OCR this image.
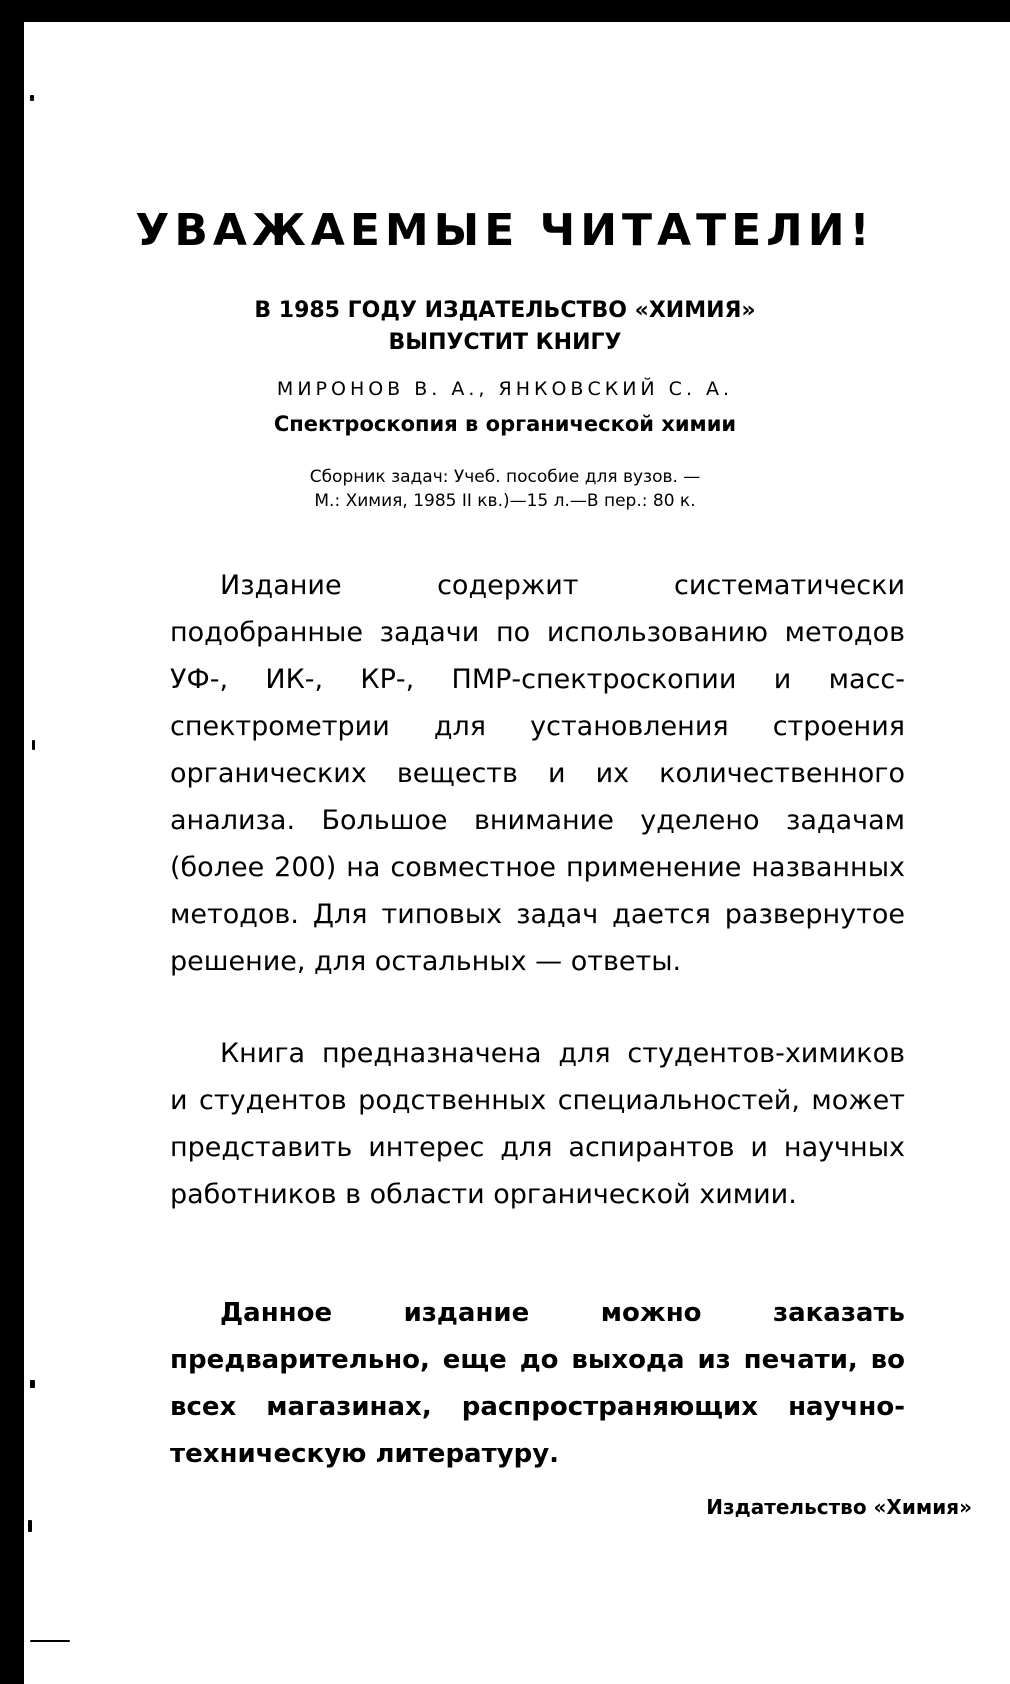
УВАЖАЕМЫЕ ЧИТАТЕЛИ!
В 1985 ГОДУ ИЗДАТЕЛЬСТВО «ХИМИЯ»
ВЫПУСТИТ КНИГУ
МИРОНОВ В. А., ЯНКОВСКИЙ С. А.
Спектроскопия в органической химии
Сборник задач: Учеб. пособие для вузов. —
М.: Химия, 1985 II кв.)—15 л.—В пер.: 80 к.

Издание содержит систематически подобранные задачи по использованию методов УФ-, ИК-, КР-, ПМР-спектроскопии и масс-спектрометрии для установления строения органических веществ и их количественного анализа. Большое внимание уделено задачам (более 200) на совместное применение названных методов. Для типовых задач дается развернутое решение, для остальных — ответы.

Книга предназначена для студентов-химиков и студентов родственных специальностей, может представить интерес для аспирантов и научных работников в области органической химии.

Данное издание можно заказать предварительно, еще до выхода из печати, во всех магазинах, распространяющих научно-техническую литературу.

Издательство «Химия»
